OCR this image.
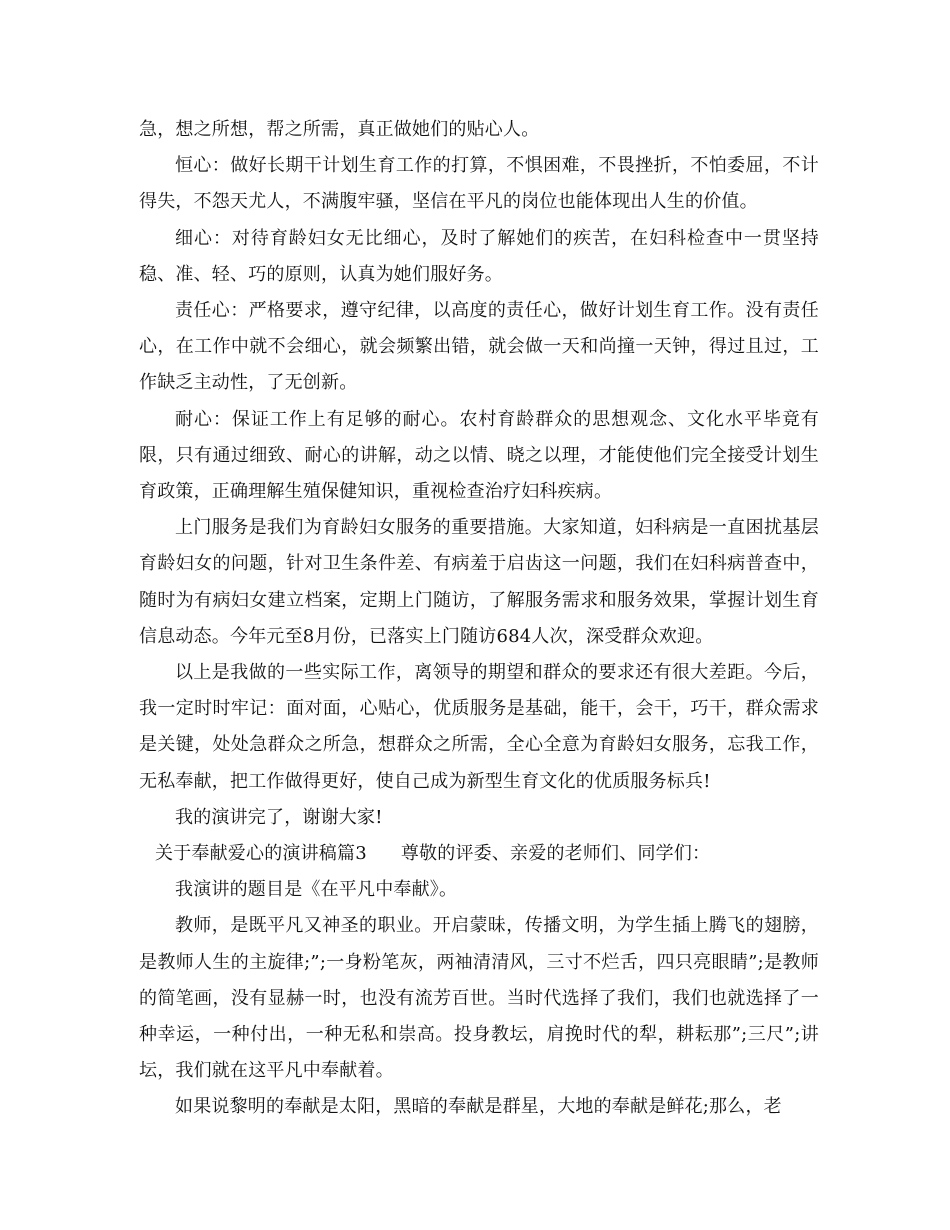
急，想之所想，帮之所需，真正做她们的贴心人。

恒心：做好长期干计划生育工作的打算，不惧困难，不畏挫折，不怕委屈，不计得失，不怨天尤人，不满腹牢骚，坚信在平凡的岗位也能体现出人生的价值。

细心：对待育龄妇女无比细心，及时了解她们的疾苦，在妇科检查中一贯坚持稳、准、轻、巧的原则，认真为她们服好务。

责任心：严格要求，遵守纪律，以高度的责任心，做好计划生育工作。没有责任心，在工作中就不会细心，就会频繁出错，就会做一天和尚撞一天钟，得过且过，工作缺乏主动性，了无创新。

耐心：保证工作上有足够的耐心。农村育龄群众的思想观念、文化水平毕竟有限，只有通过细致、耐心的讲解，动之以情、晓之以理，才能使他们完全接受计划生育政策，正确理解生殖保健知识，重视检查治疗妇科疾病。

上门服务是我们为育龄妇女服务的重要措施。大家知道，妇科病是一直困扰基层育龄妇女的问题，针对卫生条件差、有病羞于启齿这一问题，我们在妇科病普查中，随时为有病妇女建立档案，定期上门随访，了解服务需求和服务效果，掌握计划生育信息动态。今年元至8月份，已落实上门随访684人次，深受群众欢迎。

以上是我做的一些实际工作，离领导的期望和群众的要求还有很大差距。今后，我一定时时牢记：面对面，心贴心，优质服务是基础，能干，会干，巧干，群众需求是关键，处处急群众之所急，想群众之所需，全心全意为育龄妇女服务，忘我工作，无私奉献，把工作做得更好，使自己成为新型生育文化的优质服务标兵!

我的演讲完了，谢谢大家!

关于奉献爱心的演讲稿篇3 尊敬的评委、亲爱的老师们、同学们：

我演讲的题目是《在平凡中奉献》。

教师，是既平凡又神圣的职业。开启蒙昧，传播文明，为学生插上腾飞的翅膀，是教师人生的主旋律;”;一身粉笔灰，两袖清清风，三寸不烂舌，四只亮眼睛”;是教师的简笔画，没有显赫一时，也没有流芳百世。当时代选择了我们，我们也就选择了一种幸运，一种付出，一种无私和崇高。投身教坛，肩挽时代的犁，耕耘那”;三尺”;讲坛，我们就在这平凡中奉献着。

如果说黎明的奉献是太阳，黑暗的奉献是群星，大地的奉献是鲜花;那么，老
